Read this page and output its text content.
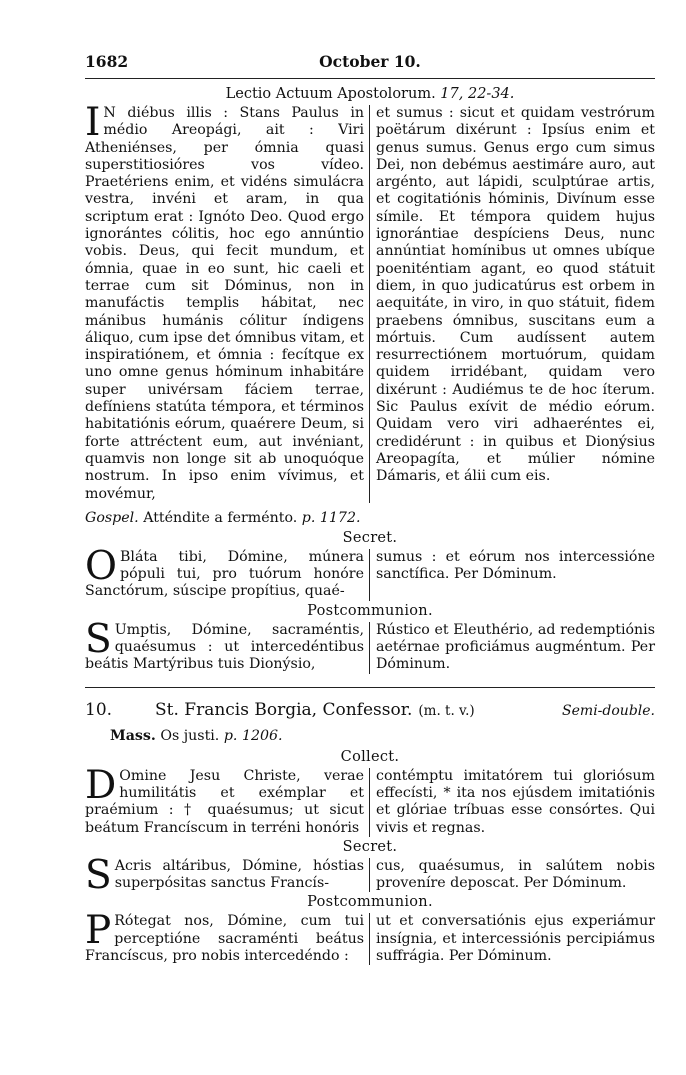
1682	October 10.
Lectio Actuum Apostolorum. 17, 22-34.
I N diébus illis : Stans Paulus in médio Areopági, ait : Viri Atheniénses, per ómnia quasi superstitiosióres vos vídeo. Praetériens enim, et vidéns simulácra vestra, invéni et aram, in qua scriptum erat : Ignóto Deo. Quod ergo ignorántes cólitis, hoc ego annúntio vobis. Deus, qui fecit mundum, et ómnia, quae in eo sunt, hic caeli et terrae cum sit Dóminus, non in manufáctis templis hábitat, nec mánibus humánis cólitur índigens áliquo, cum ipse det ómnibus vitam, et inspiratiónem, et ómnia : fecítque ex uno omne genus hóminum inhabitáre super univérsam fáciem terrae, defíniens statúta témpora, et términos habitatiónis eórum, quaérere Deum, si forte attréctent eum, aut invéniant, quamvis non longe sit ab unoquóque nostrum. In ipso enim vívimus, et movémur,
et sumus : sicut et quidam vestrórum poëtárum dixérunt : Ipsíus enim et genus sumus. Genus ergo cum simus Dei, non debémus aestimáre auro, aut argénto, aut lápidi, sculptúrae artis, et cogitatiónis hóminis, Divínum esse símile. Et témpora quidem hujus ignorántiae despíciens Deus, nunc annúntiat homínibus ut omnes ubíque poeniténtiam agant, eo quod státuit diem, in quo judicatúrus est orbem in aequitáte, in viro, in quo státuit, fidem praebens ómnibus, suscitans eum a mórtuis. Cum audíssent autem resurrectiónem mortuórum, quidam quidem irridébant, quidam vero dixérunt : Audiémus te de hoc íterum. Sic Paulus exívit de médio eórum. Quidam vero viri adhaeréntes ei, credidérunt : in quibus et Dionýsius Areopagíta, et múlier nómine Dámaris, et álii cum eis.
Gospel. Atténdite a ferménto. p. 1172.
Secret.
O Bláta tibi, Dómine, múnera pópuli tui, pro tuórum honóre Sanctórum, súscipe propítius, quaé-
sumus : et eórum nos intercessióne sanctífica. Per Dóminum.
Postcommunion.
S Umptis, Dómine, sacraméntis, quaésumus : ut intercedéntibus beátis Martýribus tuis Dionýsio,
Rústico et Eleuthério, ad redemptiónis aetérnae proficiámus augméntum. Per Dóminum.
10.	St. Francis Borgia, Confessor. (m. t. v.)	Semi-double.
Mass. Os justi. p. 1206.
Collect.
D Omine Jesu Christe, verae humilitátis et exémplar et praémium : † quaésumus; ut sicut beátum Francíscum in terréni honóris
contémptu imitatórem tui gloriósum effecísti, * ita nos ejúsdem imitatiónis et glóriae tríbuas esse consórtes. Qui vivis et regnas.
Secret.
S Acris altáribus, Dómine, hóstias superpósitas sanctus Francís-
cus, quaésumus, in salútem nobis proveníre deposcat. Per Dóminum.
Postcommunion.
P Rótegat nos, Dómine, cum tui perceptióne sacraménti beátus Francíscus, pro nobis intercedéndo :
ut et conversatiónis ejus experiámur insígnia, et intercessiónis percipiámus suffrágia. Per Dóminum.
